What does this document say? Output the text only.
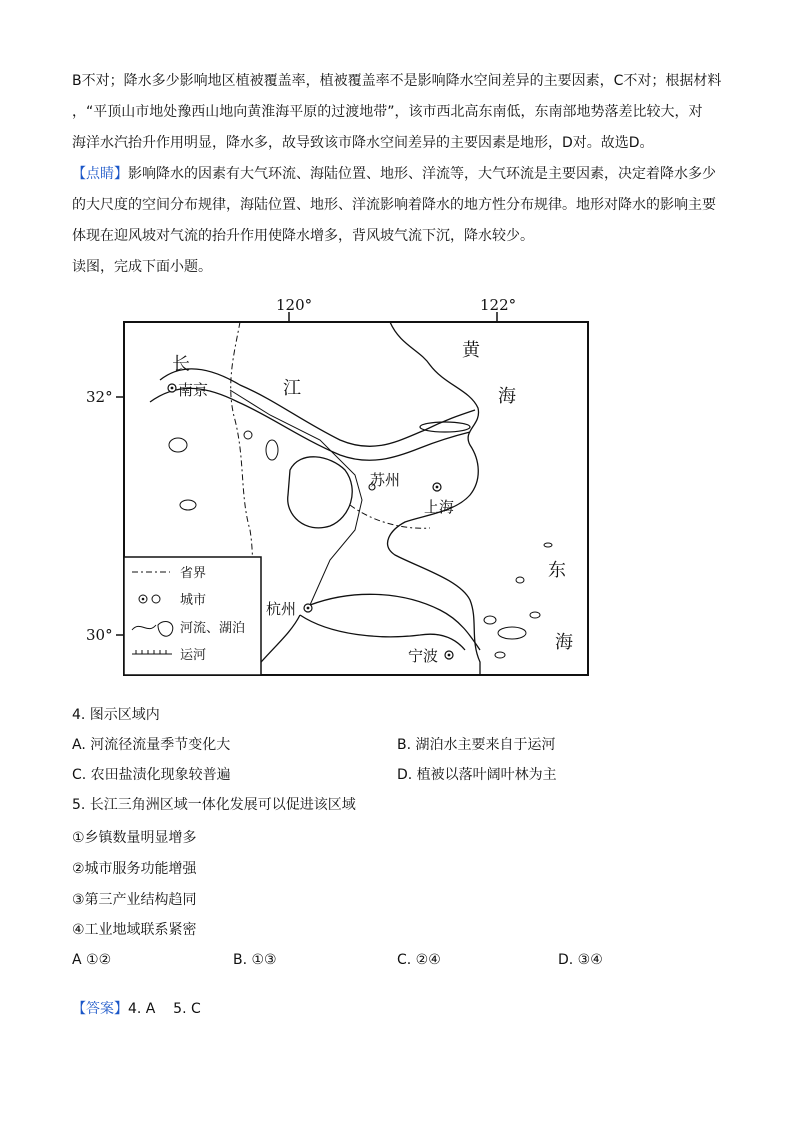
B不对；降水多少影响地区植被覆盖率，植被覆盖率不是影响降水空间差异的主要因素，C不对；根据材料
，“平顶山市地处豫西山地向黄淮海平原的过渡地带”，该市西北高东南低，东南部地势落差比较大，对
海洋水汽抬升作用明显，降水多，故导致该市降水空间差异的主要因素是地形，D对。故选D。
【点睛】影响降水的因素有大气环流、海陆位置、地形、洋流等，大气环流是主要因素，决定着降水多少
的大尺度的空间分布规律，海陆位置、地形、洋流影响着降水的地方性分布规律。地形对降水的影响主要
体现在迎风坡对气流的抬升作用使降水增多，背风坡气流下沉，降水较少。
读图，完成下面小题。
120°	122°
32°
30°
长
南京	江
苏州
上海
杭州
宁波
黄
海
东
海
省界
城市
河流、湖泊
运河
4. 图示区域内
A. 河流径流量季节变化大	B. 湖泊水主要来自于运河
C. 农田盐渍化现象较普遍	D. 植被以落叶阔叶林为主
5. 长江三角洲区域一体化发展可以促进该区域
①乡镇数量明显增多
②城市服务功能增强
③第三产业结构趋同
④工业地域联系紧密
A ①②	B. ①③	C. ②④	D. ③④
【答案】4. A    5. C
